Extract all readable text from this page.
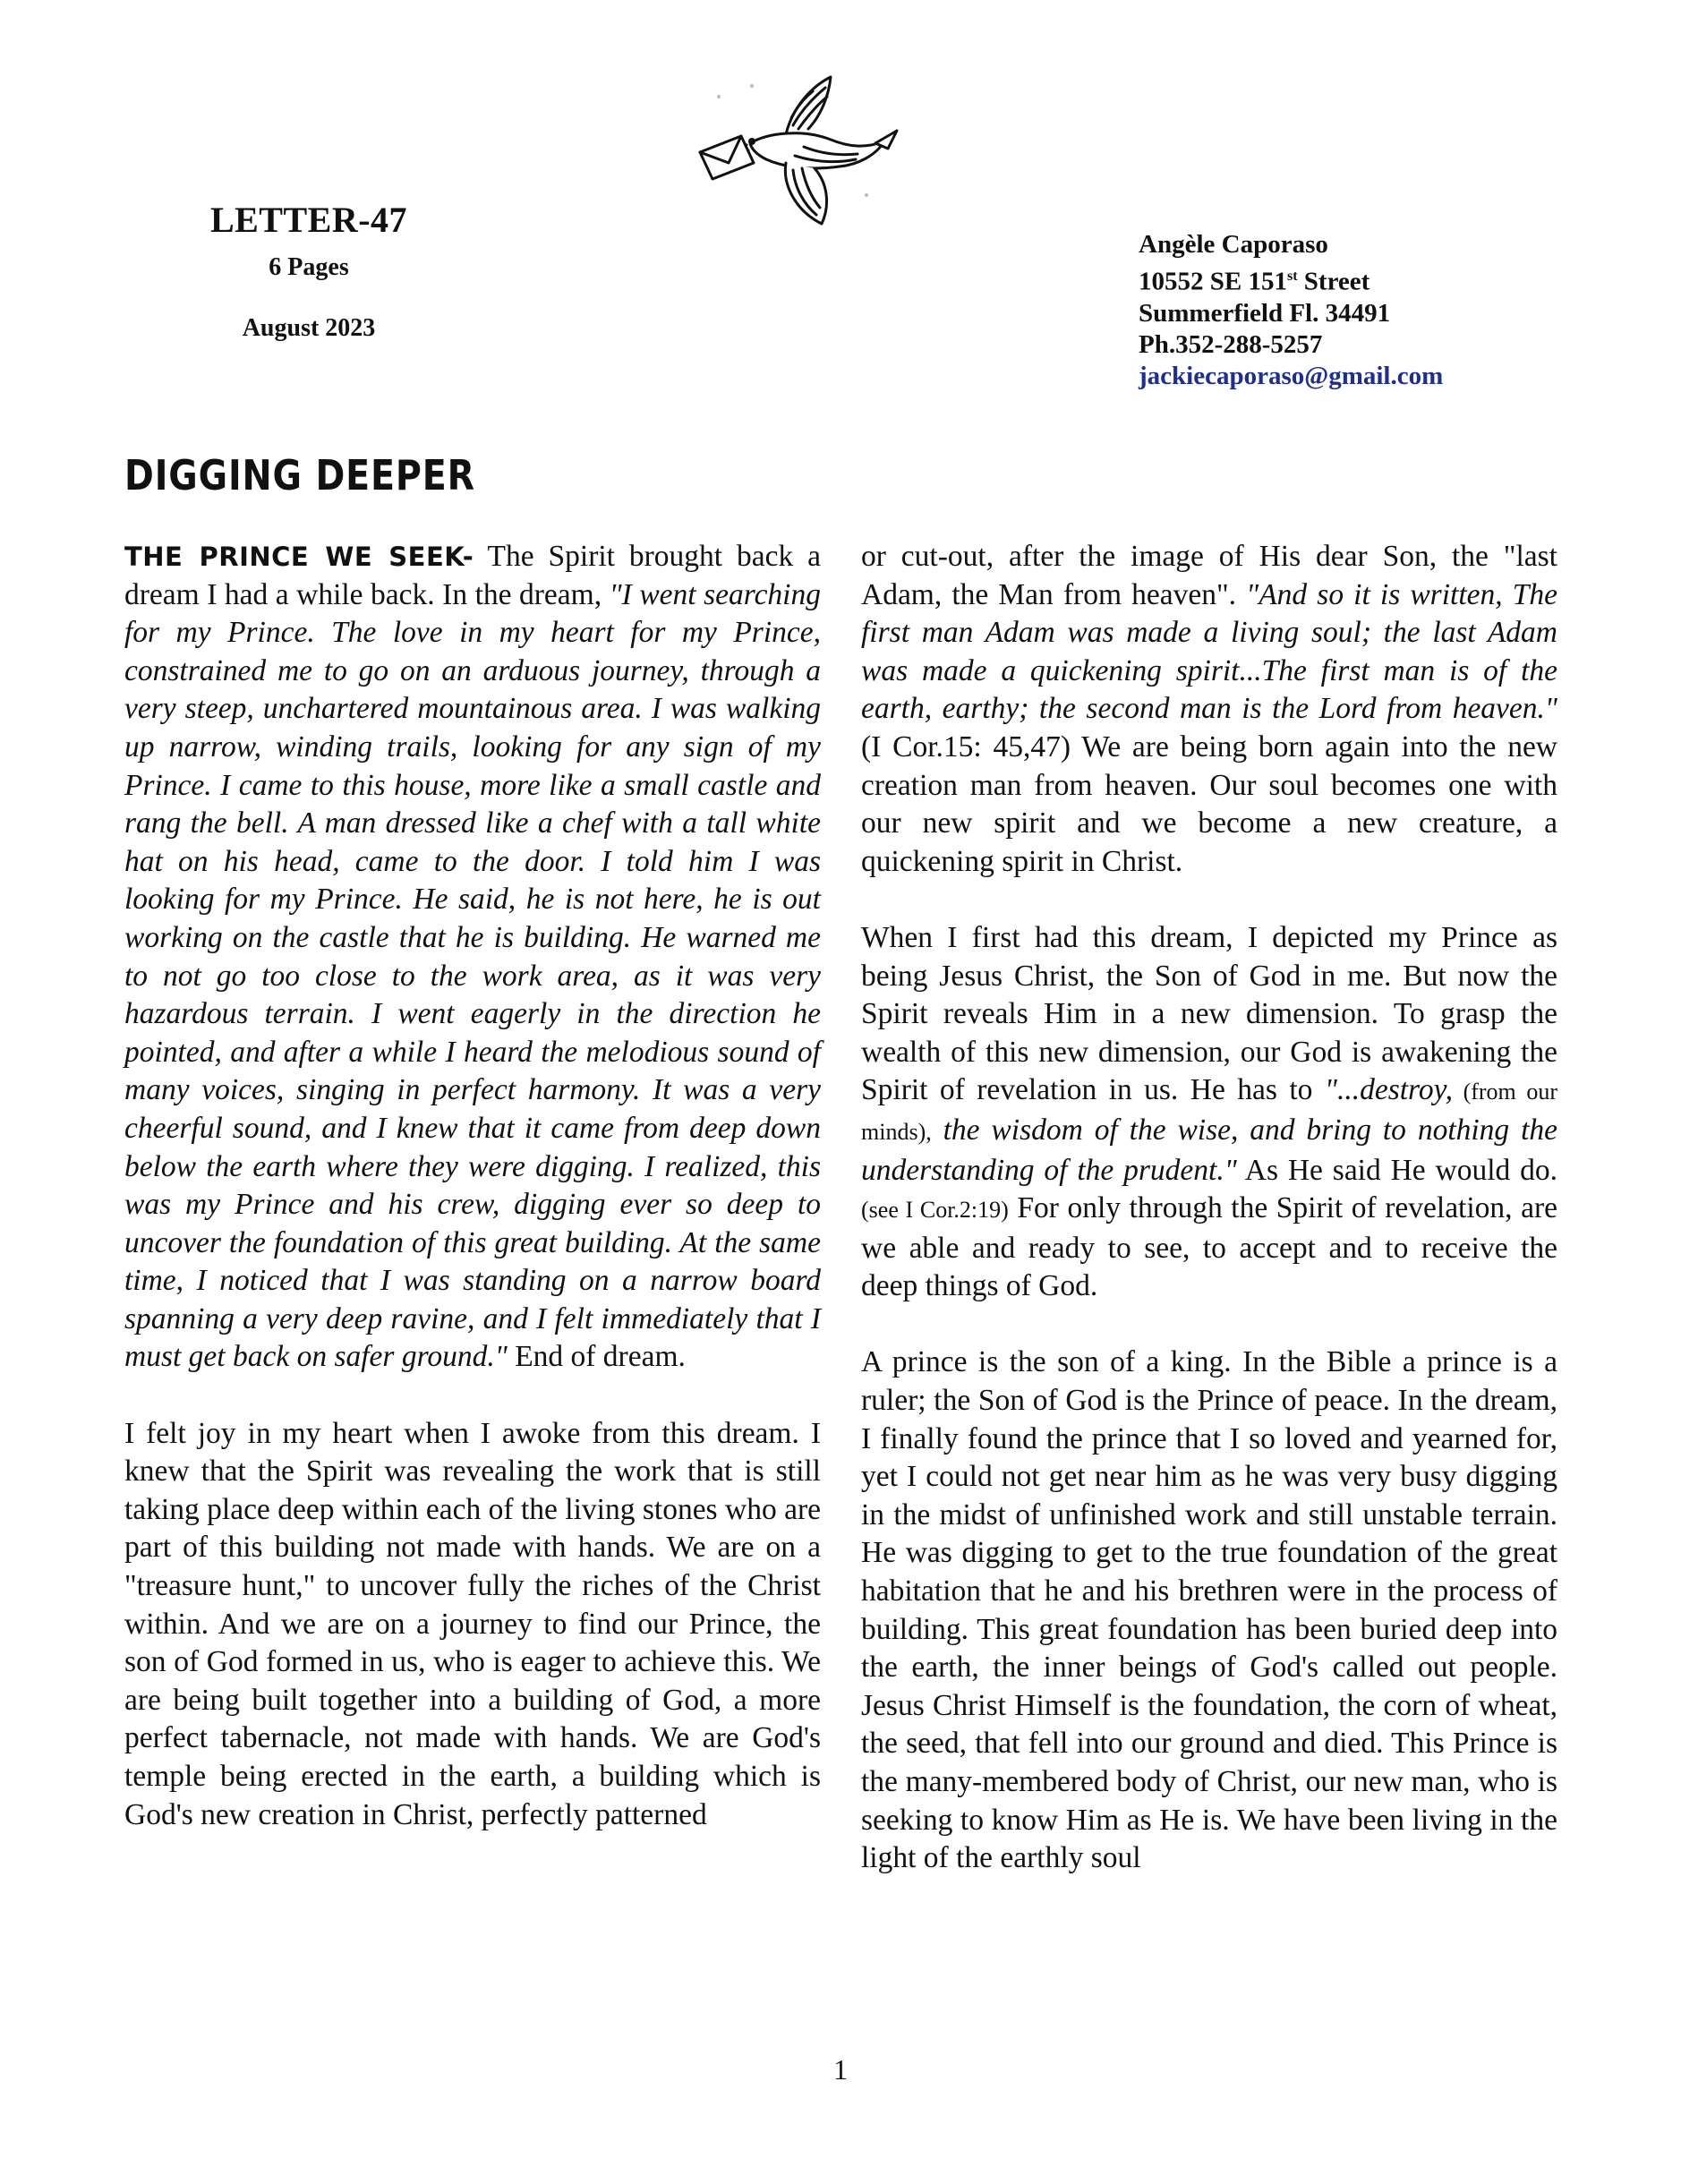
LETTER-47
6 Pages
August 2023
Angèle Caporaso
10552 SE 151st Street
Summerfield Fl. 34491
Ph.352-288-5257
jackiecaporaso@gmail.com
DIGGING DEEPER

THE PRINCE WE SEEK- The Spirit brought back a dream I had a while back. In the dream, "I went searching for my Prince. The love in my heart for my Prince, constrained me to go on an arduous journey, through a very steep, unchartered mountainous area. I was walking up narrow, winding trails, looking for any sign of my Prince. I came to this house, more like a small castle and rang the bell. A man dressed like a chef with a tall white hat on his head, came to the door. I told him I was looking for my Prince. He said, he is not here, he is out working on the castle that he is building. He warned me to not go too close to the work area, as it was very hazardous terrain. I went eagerly in the direction he pointed, and after a while I heard the melodious sound of many voices, singing in perfect harmony. It was a very cheerful sound, and I knew that it came from deep down below the earth where they were digging. I realized, this was my Prince and his crew, digging ever so deep to uncover the foundation of this great building. At the same time, I noticed that I was standing on a narrow board spanning a very deep ravine, and I felt immediately that I must get back on safer ground." End of dream.

I felt joy in my heart when I awoke from this dream. I knew that the Spirit was revealing the work that is still taking place deep within each of the living stones who are part of this building not made with hands. We are on a "treasure hunt," to uncover fully the riches of the Christ within. And we are on a journey to find our Prince, the son of God formed in us, who is eager to achieve this. We are being built together into a building of God, a more perfect tabernacle, not made with hands. We are God's temple being erected in the earth, a building which is God's new creation in Christ, perfectly patterned

or cut-out, after the image of His dear Son, the "last Adam, the Man from heaven". "And so it is written, The first man Adam was made a living soul; the last Adam was made a quickening spirit...The first man is of the earth, earthy; the second man is the Lord from heaven." (I Cor.15: 45,47) We are being born again into the new creation man from heaven. Our soul becomes one with our new spirit and we become a new creature, a quickening spirit in Christ.

When I first had this dream, I depicted my Prince as being Jesus Christ, the Son of God in me. But now the Spirit reveals Him in a new dimension. To grasp the wealth of this new dimension, our God is awakening the Spirit of revelation in us. He has to "...destroy, (from our minds), the wisdom of the wise, and bring to nothing the understanding of the prudent." As He said He would do. (see I Cor.2:19) For only through the Spirit of revelation, are we able and ready to see, to accept and to receive the deep things of God.

A prince is the son of a king. In the Bible a prince is a ruler; the Son of God is the Prince of peace. In the dream, I finally found the prince that I so loved and yearned for, yet I could not get near him as he was very busy digging in the midst of unfinished work and still unstable terrain. He was digging to get to the true foundation of the great habitation that he and his brethren were in the process of building. This great foundation has been buried deep into the earth, the inner beings of God's called out people. Jesus Christ Himself is the foundation, the corn of wheat, the seed, that fell into our ground and died. This Prince is the many-membered body of Christ, our new man, who is seeking to know Him as He is. We have been living in the light of the earthly soul

1
